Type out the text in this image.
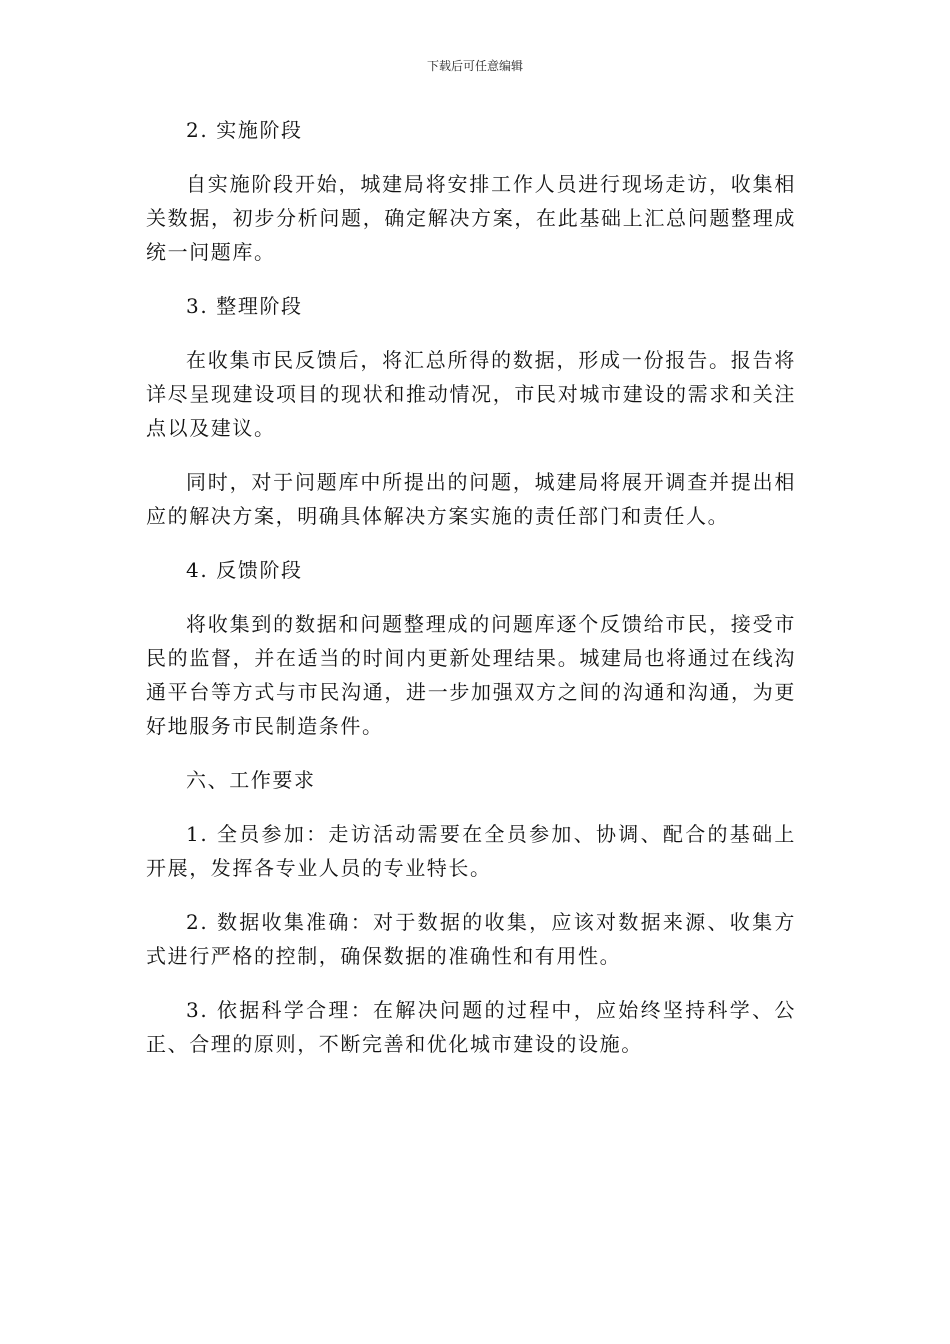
下载后可任意编辑

2. 实施阶段

自实施阶段开始，城建局将安排工作人员进行现场走访，收集相关数据，初步分析问题，确定解决方案，在此基础上汇总问题整理成统一问题库。

3. 整理阶段

在收集市民反馈后，将汇总所得的数据，形成一份报告。报告将详尽呈现建设项目的现状和推动情况，市民对城市建设的需求和关注点以及建议。

同时，对于问题库中所提出的问题，城建局将展开调查并提出相应的解决方案，明确具体解决方案实施的责任部门和责任人。

4. 反馈阶段

将收集到的数据和问题整理成的问题库逐个反馈给市民，接受市民的监督，并在适当的时间内更新处理结果。城建局也将通过在线沟通平台等方式与市民沟通，进一步加强双方之间的沟通和沟通，为更好地服务市民制造条件。

六、工作要求

1. 全员参加：走访活动需要在全员参加、协调、配合的基础上开展，发挥各专业人员的专业特长。

2. 数据收集准确：对于数据的收集，应该对数据来源、收集方式进行严格的控制，确保数据的准确性和有用性。

3. 依据科学合理：在解决问题的过程中，应始终坚持科学、公正、合理的原则，不断完善和优化城市建设的设施。
